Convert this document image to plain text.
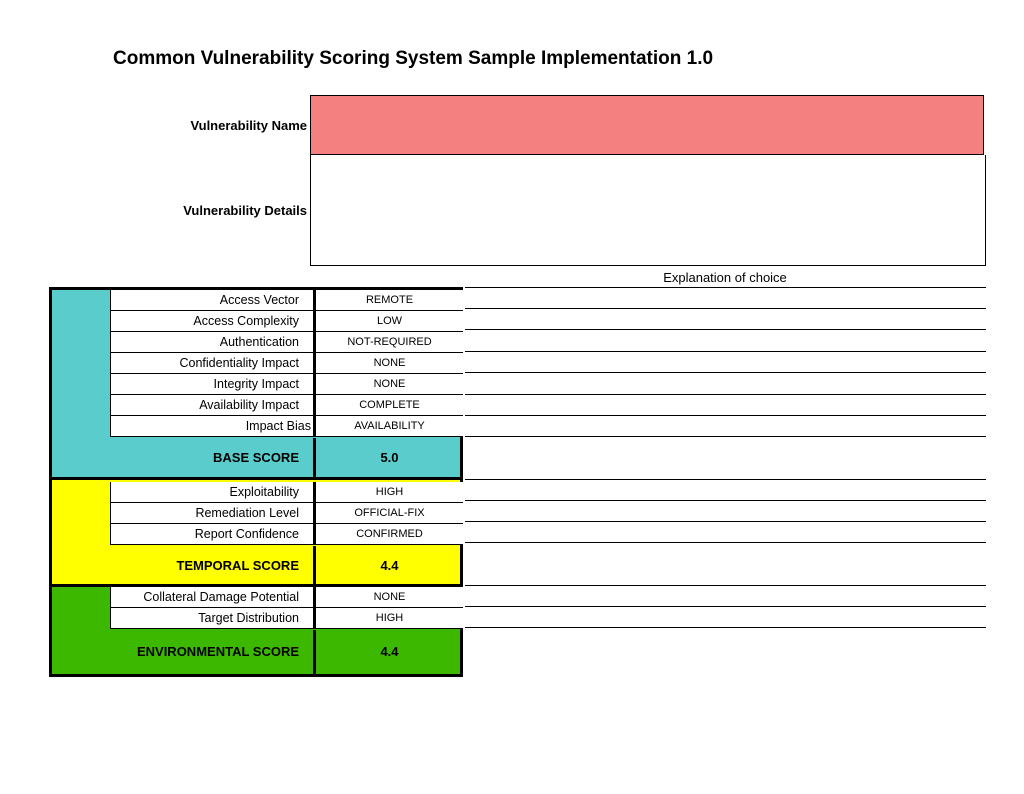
Common Vulnerability Scoring System Sample Implementation 1.0
Vulnerability Name
Vulnerability Details
Explanation of choice
Access Vector	REMOTE
Access Complexity	LOW
Authentication	NOT-REQUIRED
Confidentiality Impact	NONE
Integrity Impact	NONE
Availability Impact	COMPLETE
Impact Bias	AVAILABILITY
BASE SCORE	5.0
Exploitability	HIGH
Remediation Level	OFFICIAL-FIX
Report Confidence	CONFIRMED
TEMPORAL SCORE	4.4
Collateral Damage Potential	NONE
Target Distribution	HIGH
ENVIRONMENTAL SCORE	4.4
